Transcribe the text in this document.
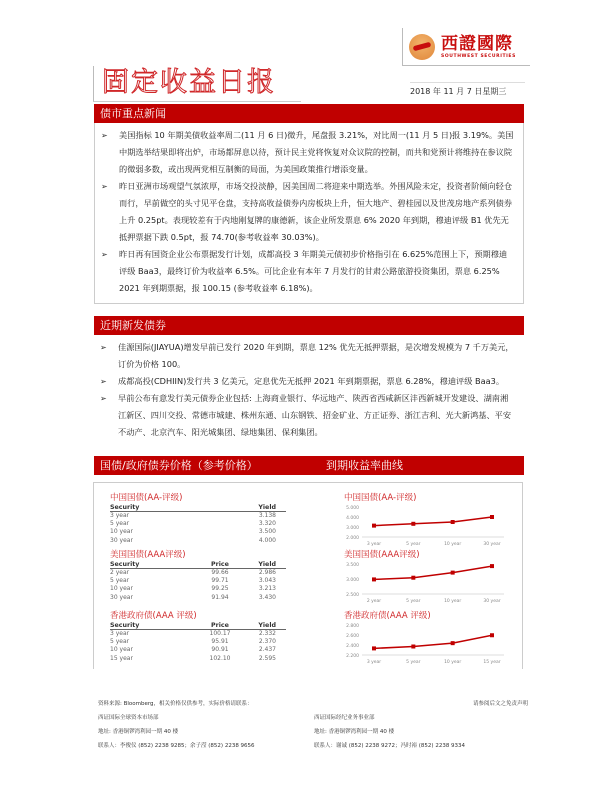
西證國際
SOUTHWEST SECURITIES
固定收益日报	2018 年 11 月 7 日星期三
债市重点新闻
➢ 美国指标 10 年期美债收益率周二(11 月 6 日)微升，尾盘报 3.21%，对比周一(11 月 5 日)报 3.19%。美国中期选举结果即将出炉，市场都屏息以待，预计民主党将恢复对众议院的控制，而共和党预计将维持在参议院的微弱多数，或出现两党相互制衡的局面，为美国政策推行增添变量。
➢ 昨日亚洲市场观望气氛浓厚，市场交投淡静，因美国周二将迎来中期选举。外围风险未定，投资者阶倾向轻仓而行，早前做空的头寸见平仓盘，支持高收益债券内房板块上升，恒大地产、碧桂园以及世茂房地产系列债券上升 0.25pt。表现较差有于内地刚复牌的康德新，该企业所发票息 6% 2020 年到期，穆迪评级 B1 优先无抵押票据下跌 0.5pt，报 74.70(参考收益率 30.03%)。
➢ 昨日再有国资企业公布票据发行计划，成都高投 3 年期美元债初步价格指引在 6.625%范围上下，预期穆迪评级 Baa3，最终订价为收益率 6.5%。可比企业有本年 7 月发行的甘肃公路旅游投资集团，票息 6.25% 2021 年到期票据，报 100.15 (参考收益率 6.18%)。
近期新发债券
➢ 佳源国际(JIAYUA)增发早前已发行 2020 年到期，票息 12% 优先无抵押票据，是次增发规模为 7 千万美元，订价为价格 100。
➢ 成都高投(CDHIIN)发行共 3 亿美元，定息优先无抵押 2021 年到期票据，票息 6.28%，穆迪评级 Baa3。
➢ 早前公布有意发行美元债券企业包括: 上海商业银行、华远地产、陕西省西咸新区沣西新城开发建设、湖南湘江新区、四川交投、常德市城建、株州东通、山东钢铁、招金矿业、方正证券、浙江吉利、光大新鸿基、平安不动产、北京汽车、阳光城集团、绿地集团、保利集团。
国债/政府债券价格（参考价格）	到期收益率曲线
中国国债(AA-评级)
Security	Yield
3 year	3.138
5 year	3.320
10 year	3.500
30 year	4.000
美国国债(AAA评级)
Security	Price	Yield
2 year	99.66	2.986
5 year	99.71	3.043
10 year	99.25	3.213
30 year	91.94	3.430
香港政府债(AAA 评级)
Security	Price	Yield
3 year	100.17	2.332
5 year	95.91	2.370
10 year	90.91	2.437
15 year	102.10	2.595
中国国债(AA-评级)
2.000
3.000
4.000
5.000
3 year	5 year	10 year	30 year
美国国债(AAA评级)
2.500
3.000
3.500
2 year	5 year	10 year	30 year
香港政府债(AAA 评级)
2.200
2.400
2.600
2.800
3 year	5 year	10 year	15 year
资料来源: Bloomberg，相关价格仅供参考，实际价格请联系：	请参阅后文之免责声明
西证国际全球资本市场部
地址: 香港铜锣湾利园一期 40 楼
联系人：李俊仪 (852) 2238 9285；余子滢 (852) 2238 9656
西证国际经纪业务事业部
地址: 香港铜锣湾利园一期 40 楼
联系人：谢诚 (852) 2238 9272；冯时裕 (852) 2238 9334
